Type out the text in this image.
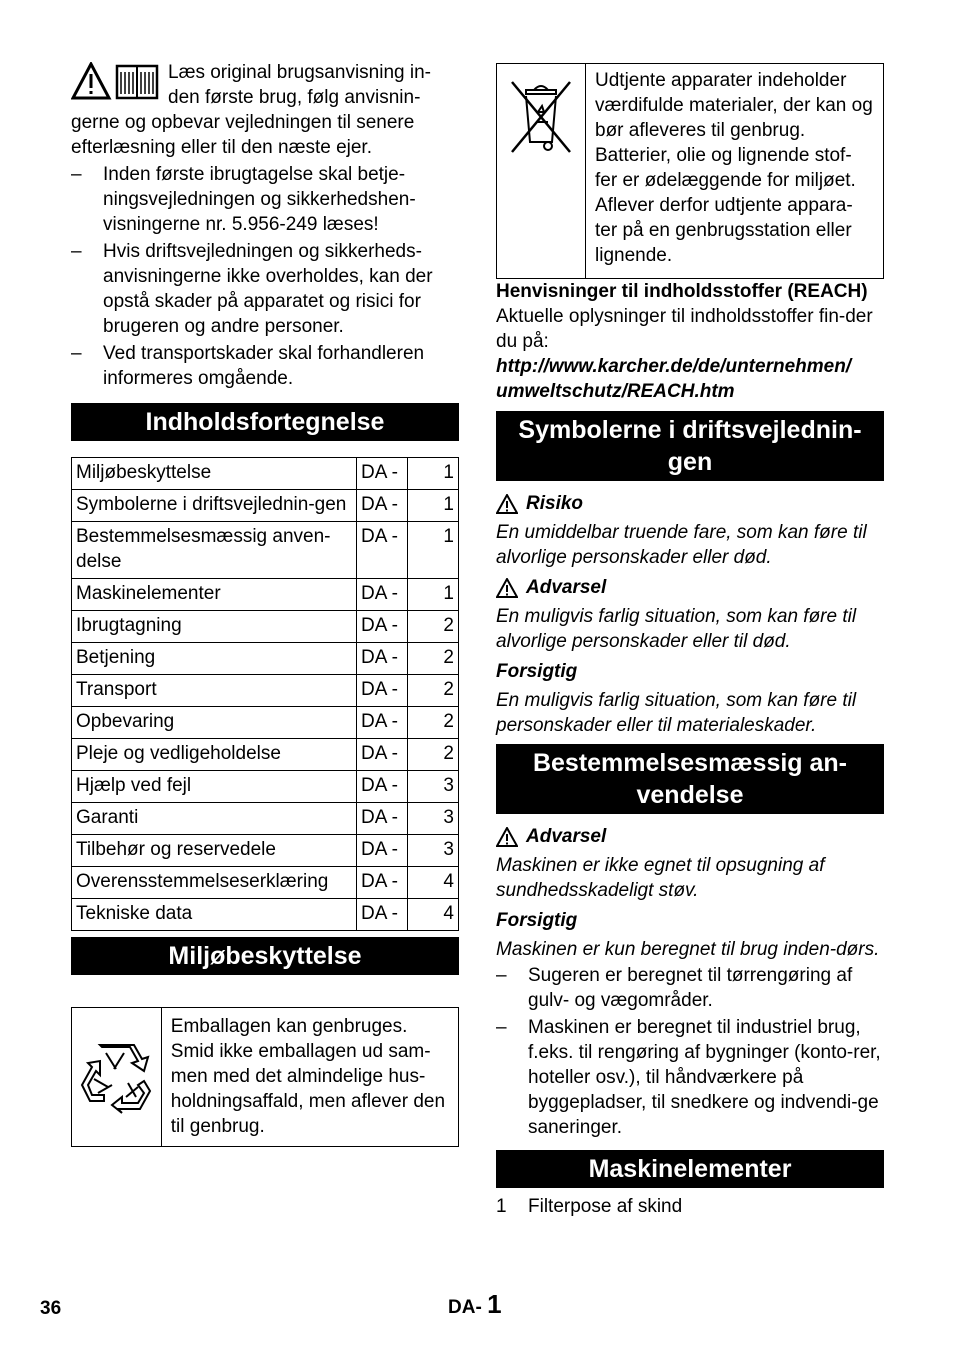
Læs original brugsanvisning in-
den første brug, følg anvisnin-
gerne og opbevar vejledningen til senere
efterlæsning eller til den næste ejer.
– Inden første ibrugtagelse skal betje-ningsvejledningen og sikkerhedshen-visningerne nr. 5.956-249 læses!
– Hvis driftsvejledningen og sikkerheds-anvisningerne ikke overholdes, kan der opstå skader på apparatet og risici for brugeren og andre personer.
– Ved transportskader skal forhandleren informeres omgående.
Indholdsfortegnelse
Miljøbeskyttelse	DA -	1
Symbolerne i driftsvejlednin-gen	DA -	1
Bestemmelsesmæssig anven-delse	DA -	1
Maskinelementer	DA -	1
Ibrugtagning	DA -	2
Betjening	DA -	2
Transport	DA -	2
Opbevaring	DA -	2
Pleje og vedligeholdelse	DA -	2
Hjælp ved fejl	DA -	3
Garanti	DA -	3
Tilbehør og reservedele	DA -	3
Overensstemmelseserklæring	DA -	4
Tekniske data	DA -	4
Miljøbeskyttelse
Emballagen kan genbruges. Smid ikke emballagen ud sam-men med det almindelige hus-holdningsaffald, men aflever den til genbrug.
Udtjente apparater indeholder værdifulde materialer, der kan og bør afleveres til genbrug. Batterier, olie og lignende stof-fer er ødelæggende for miljøet. Aflever derfor udtjente appara-ter på en genbrugsstation eller lignende.

Henvisninger til indholdsstoffer (REACH)

Aktuelle oplysninger til indholdsstoffer fin-der du på:

http://www.karcher.de/de/unternehmen/ umweltschutz/REACH.htm

Symbolerne i driftsvejlednin-gen
Risiko

En umiddelbar truende fare, som kan føre til alvorlige personskader eller død.

Advarsel

En muligvis farlig situation, som kan føre til alvorlige personskader eller til død.

Forsigtig

En muligvis farlig situation, som kan føre til personskader eller til materialeskader.

Bestemmelsesmæssig an-vendelse
Advarsel

Maskinen er ikke egnet til opsugning af sundhedsskadeligt støv.

Forsigtig

Maskinen er kun beregnet til brug inden-dørs.

– Sugeren er beregnet til tørrengøring af gulv- og vægområder.
– Maskinen er beregnet til industriel brug, f.eks. til rengøring af bygninger (konto-rer, hoteller osv.), til håndværkere på byggepladser, til snedkere og indvendi-ge saneringer.
Maskinelementer
1 Filterpose af skind
36	DA- 1
